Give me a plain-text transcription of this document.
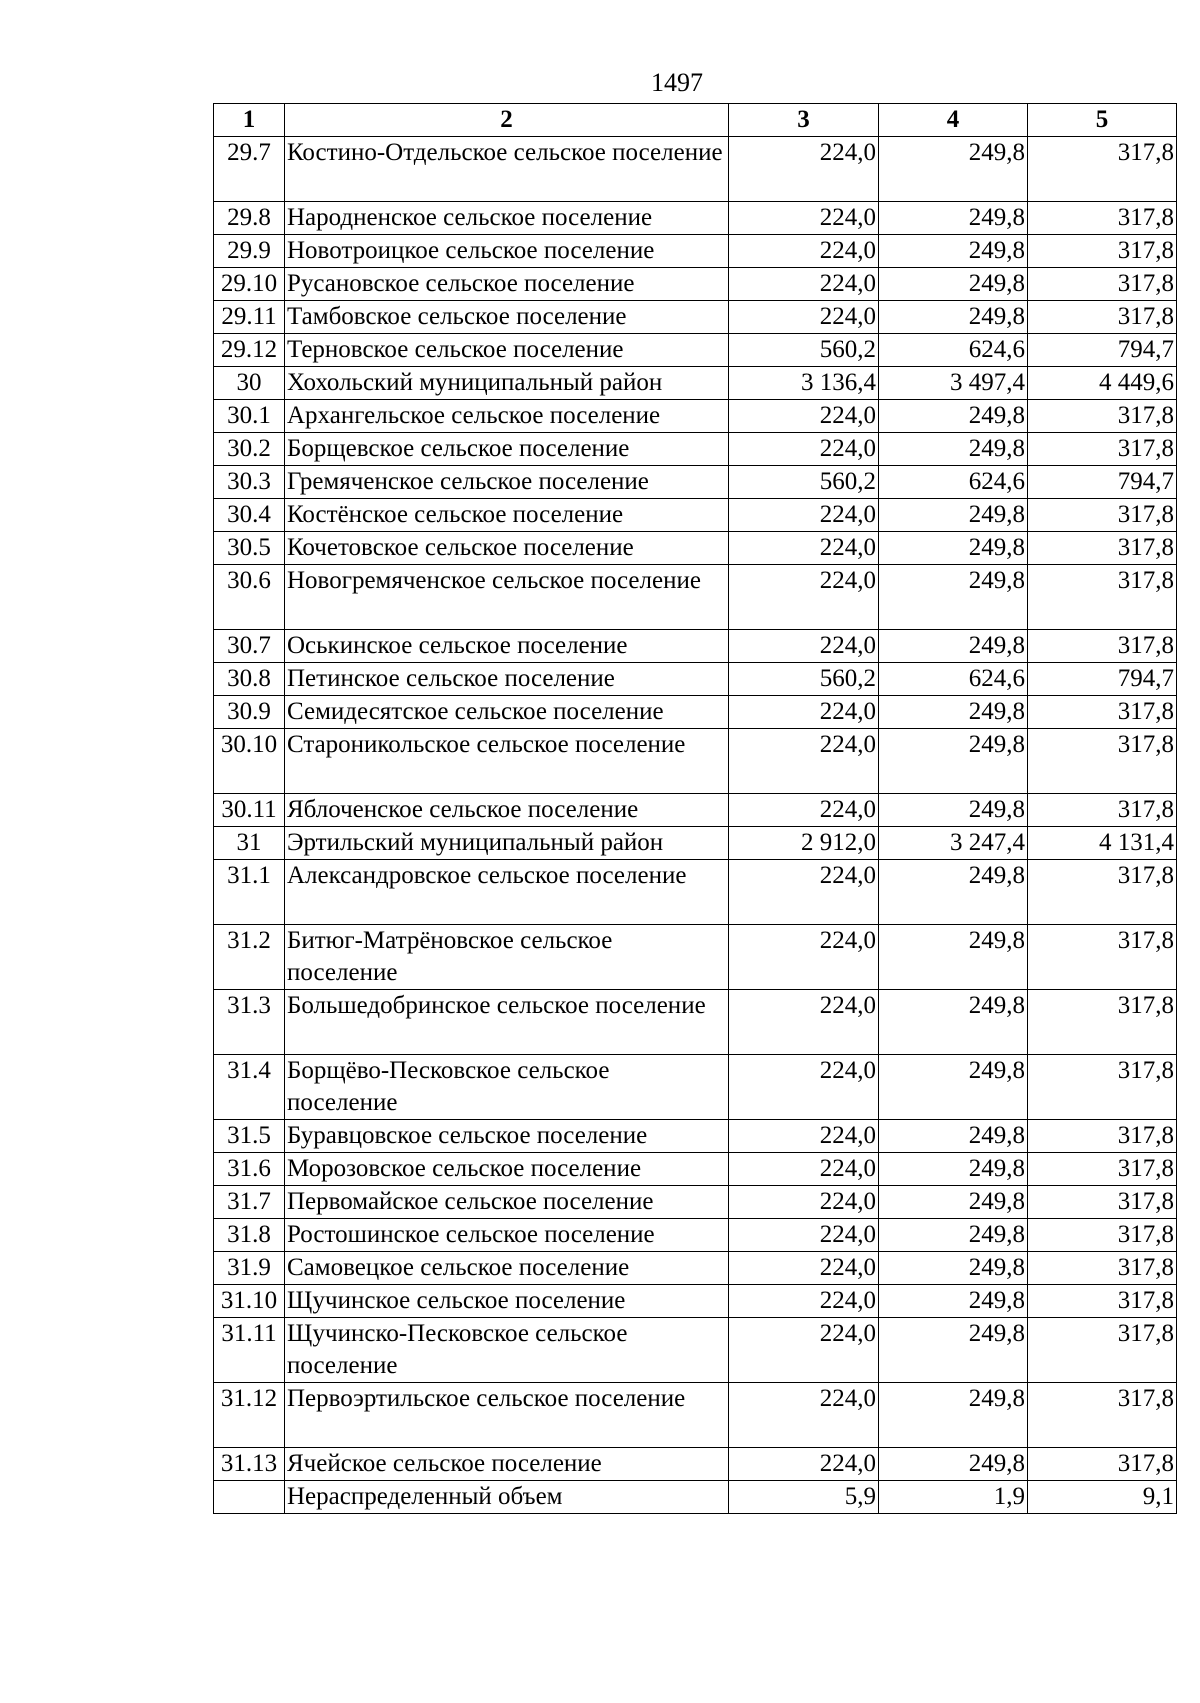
1497
1	2	3	4	5
29.7	Костино-Отдельское сельское поселение	224,0	249,8	317,8
29.8	Народненское сельское поселение	224,0	249,8	317,8
29.9	Новотроицкое сельское поселение	224,0	249,8	317,8
29.10	Русановское сельское поселение	224,0	249,8	317,8
29.11	Тамбовское сельское поселение	224,0	249,8	317,8
29.12	Терновское сельское поселение	560,2	624,6	794,7
30	Хохольский муниципальный район	3 136,4	3 497,4	4 449,6
30.1	Архангельское сельское поселение	224,0	249,8	317,8
30.2	Борщевское сельское поселение	224,0	249,8	317,8
30.3	Гремяченское сельское поселение	560,2	624,6	794,7
30.4	Костёнское сельское поселение	224,0	249,8	317,8
30.5	Кочетовское сельское поселение	224,0	249,8	317,8
30.6	Новогремяченское сельское поселение	224,0	249,8	317,8
30.7	Оськинское сельское поселение	224,0	249,8	317,8
30.8	Петинское сельское поселение	560,2	624,6	794,7
30.9	Семидесятское сельское поселение	224,0	249,8	317,8
30.10	Староникольское сельское поселение	224,0	249,8	317,8
30.11	Яблоченское сельское поселение	224,0	249,8	317,8
31	Эртильский муниципальный район	2 912,0	3 247,4	4 131,4
31.1	Александровское сельское поселение	224,0	249,8	317,8
31.2	Битюг-Матрёновское сельское поселение	224,0	249,8	317,8
31.3	Большедобринское сельское поселение	224,0	249,8	317,8
31.4	Борщёво-Песковское сельское поселение	224,0	249,8	317,8
31.5	Буравцовское сельское поселение	224,0	249,8	317,8
31.6	Морозовское сельское поселение	224,0	249,8	317,8
31.7	Первомайское сельское поселение	224,0	249,8	317,8
31.8	Ростошинское сельское поселение	224,0	249,8	317,8
31.9	Самовецкое сельское поселение	224,0	249,8	317,8
31.10	Щучинское сельское поселение	224,0	249,8	317,8
31.11	Щучинско-Песковское сельское поселение	224,0	249,8	317,8
31.12	Первоэртильское сельское поселение	224,0	249,8	317,8
31.13	Ячейское сельское поселение	224,0	249,8	317,8
	Нераспределенный объем	5,9	1,9	9,1
